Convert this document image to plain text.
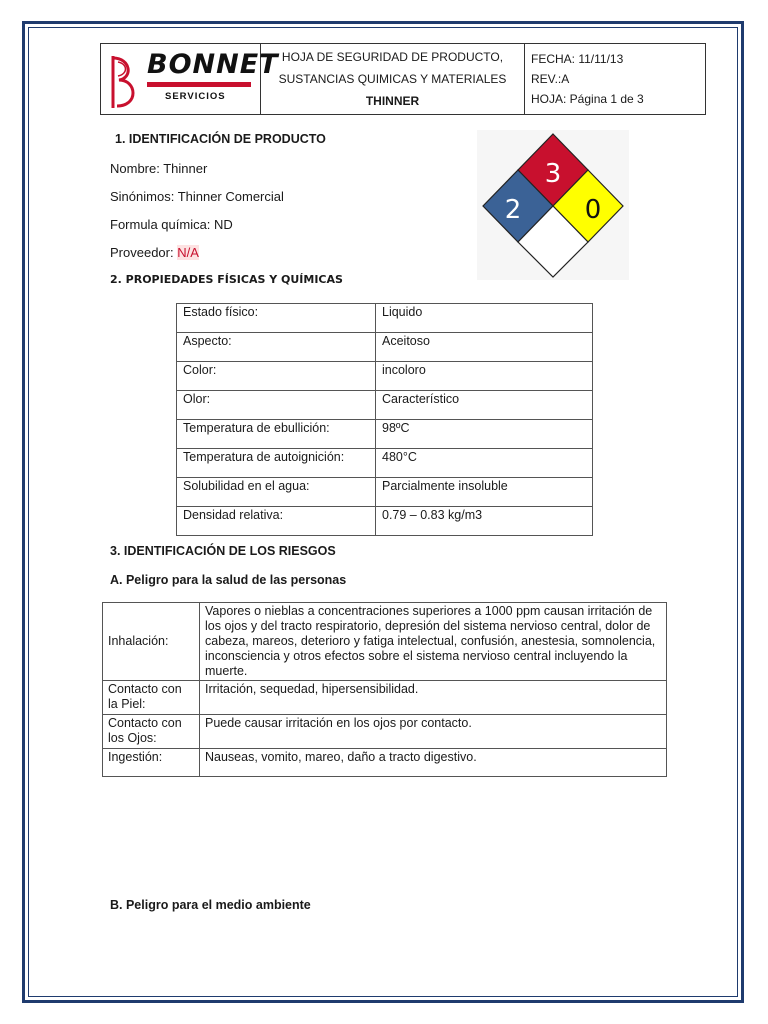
BONNET
SERVICIOS
HOJA DE SEGURIDAD DE PRODUCTO,
SUSTANCIAS QUIMICAS Y MATERIALES
THINNER
FECHA: 11/11/13
REV.:A
HOJA: Página 1 de 3
1. IDENTIFICACIÓN DE PRODUCTO
Nombre: Thinner
Sinónimos: Thinner Comercial
Formula química: ND
Proveedor: N/A
3
2 0
2. PROPIEDADES FÍSICAS Y QUÍMICAS
Estado físico:	Liquido
Aspecto:	Aceitoso
Color:	incoloro
Olor:	Característico
Temperatura de ebullición:	98ºC
Temperatura de autoignición:	480°C
Solubilidad en el agua:	Parcialmente insoluble
Densidad relativa:	0.79 – 0.83 kg/m3
3. IDENTIFICACIÓN DE LOS RIESGOS
A. Peligro para la salud de las personas
Inhalación:	Vapores o nieblas a concentraciones superiores a 1000 ppm causan irritación de los ojos y del tracto respiratorio, depresión del sistema nervioso central, dolor de cabeza, mareos, deterioro y fatiga intelectual, confusión, anestesia, somnolencia, inconsciencia y otros efectos sobre el sistema nervioso central incluyendo la muerte.
Contacto con la Piel:	Irritación, sequedad, hipersensibilidad.
Contacto con los Ojos:	Puede causar irritación en los ojos por contacto.
Ingestión:	Nauseas, vomito, mareo, daño a tracto digestivo.
B. Peligro para el medio ambiente
